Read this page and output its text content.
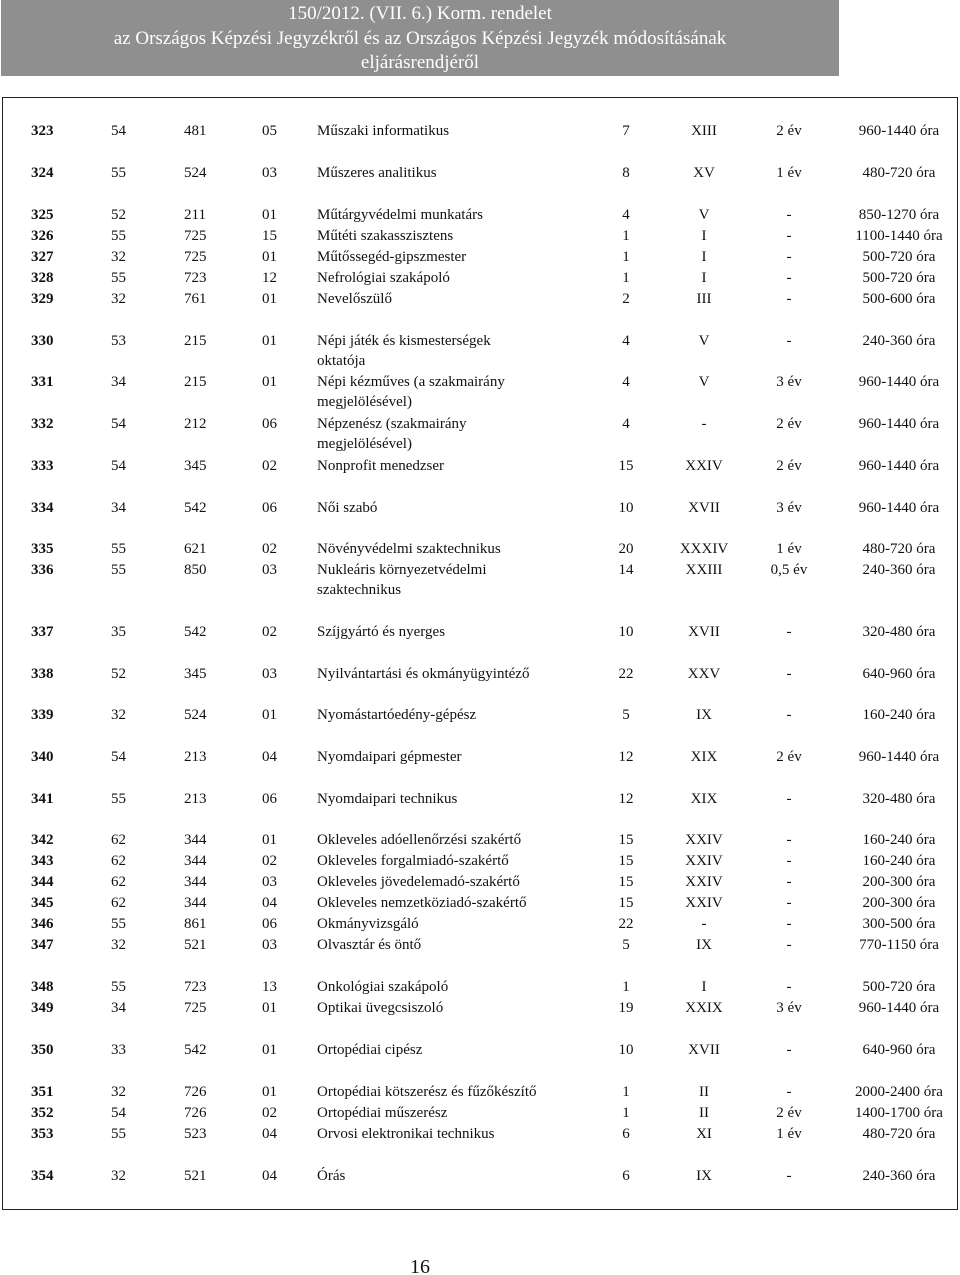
150/2012. (VII. 6.) Korm. rendelet
az Országos Képzési Jegyzékről és az Országos Képzési Jegyzék módosításának
eljárásrendjéről
323	54	481	05	Műszaki informatikus	7	XIII	2 év	960-1440 óra
324	55	524	03	Műszeres analitikus	8	XV	1 év	480-720 óra
325	52	211	01	Műtárgyvédelmi munkatárs	4	V	-	850-1270 óra
326	55	725	15	Műtéti szakasszisztens	1	I	-	1100-1440 óra
327	32	725	01	Műtőssegéd-gipszmester	1	I	-	500-720 óra
328	55	723	12	Nefrológiai szakápoló	1	I	-	500-720 óra
329	32	761	01	Nevelőszülő	2	III	-	500-600 óra
330	53	215	01	Népi játék és kismesterségek	4	V	-	240-360 óra
oktatója
331	34	215	01	Népi kézműves (a szakmairány	4	V	3 év	960-1440 óra
megjelölésével)
332	54	212	06	Népzenész (szakmairány	4	-	2 év	960-1440 óra
megjelölésével)
333	54	345	02	Nonprofit menedzser	15	XXIV	2 év	960-1440 óra
334	34	542	06	Női szabó	10	XVII	3 év	960-1440 óra
335	55	621	02	Növényvédelmi szaktechnikus	20	XXXIV	1 év	480-720 óra
336	55	850	03	Nukleáris környezetvédelmi	14	XXIII	0,5 év	240-360 óra
szaktechnikus
337	35	542	02	Szíjgyártó és nyerges	10	XVII	-	320-480 óra
338	52	345	03	Nyilvántartási és okmányügyintéző	22	XXV	-	640-960 óra
339	32	524	01	Nyomástartóedény-gépész	5	IX	-	160-240 óra
340	54	213	04	Nyomdaipari gépmester	12	XIX	2 év	960-1440 óra
341	55	213	06	Nyomdaipari technikus	12	XIX	-	320-480 óra
342	62	344	01	Okleveles adóellenőrzési szakértő	15	XXIV	-	160-240 óra
343	62	344	02	Okleveles forgalmiadó-szakértő	15	XXIV	-	160-240 óra
344	62	344	03	Okleveles jövedelemadó-szakértő	15	XXIV	-	200-300 óra
345	62	344	04	Okleveles nemzetköziadó-szakértő	15	XXIV	-	200-300 óra
346	55	861	06	Okmányvizsgáló	22	-	-	300-500 óra
347	32	521	03	Olvasztár és öntő	5	IX	-	770-1150 óra
348	55	723	13	Onkológiai szakápoló	1	I	-	500-720 óra
349	34	725	01	Optikai üvegcsiszoló	19	XXIX	3 év	960-1440 óra
350	33	542	01	Ortopédiai cipész	10	XVII	-	640-960 óra
351	32	726	01	Ortopédiai kötszerész és fűzőkészítő	1	II	-	2000-2400 óra
352	54	726	02	Ortopédiai műszerész	1	II	2 év	1400-1700 óra
353	55	523	04	Orvosi elektronikai technikus	6	XI	1 év	480-720 óra
354	32	521	04	Órás	6	IX	-	240-360 óra
16
